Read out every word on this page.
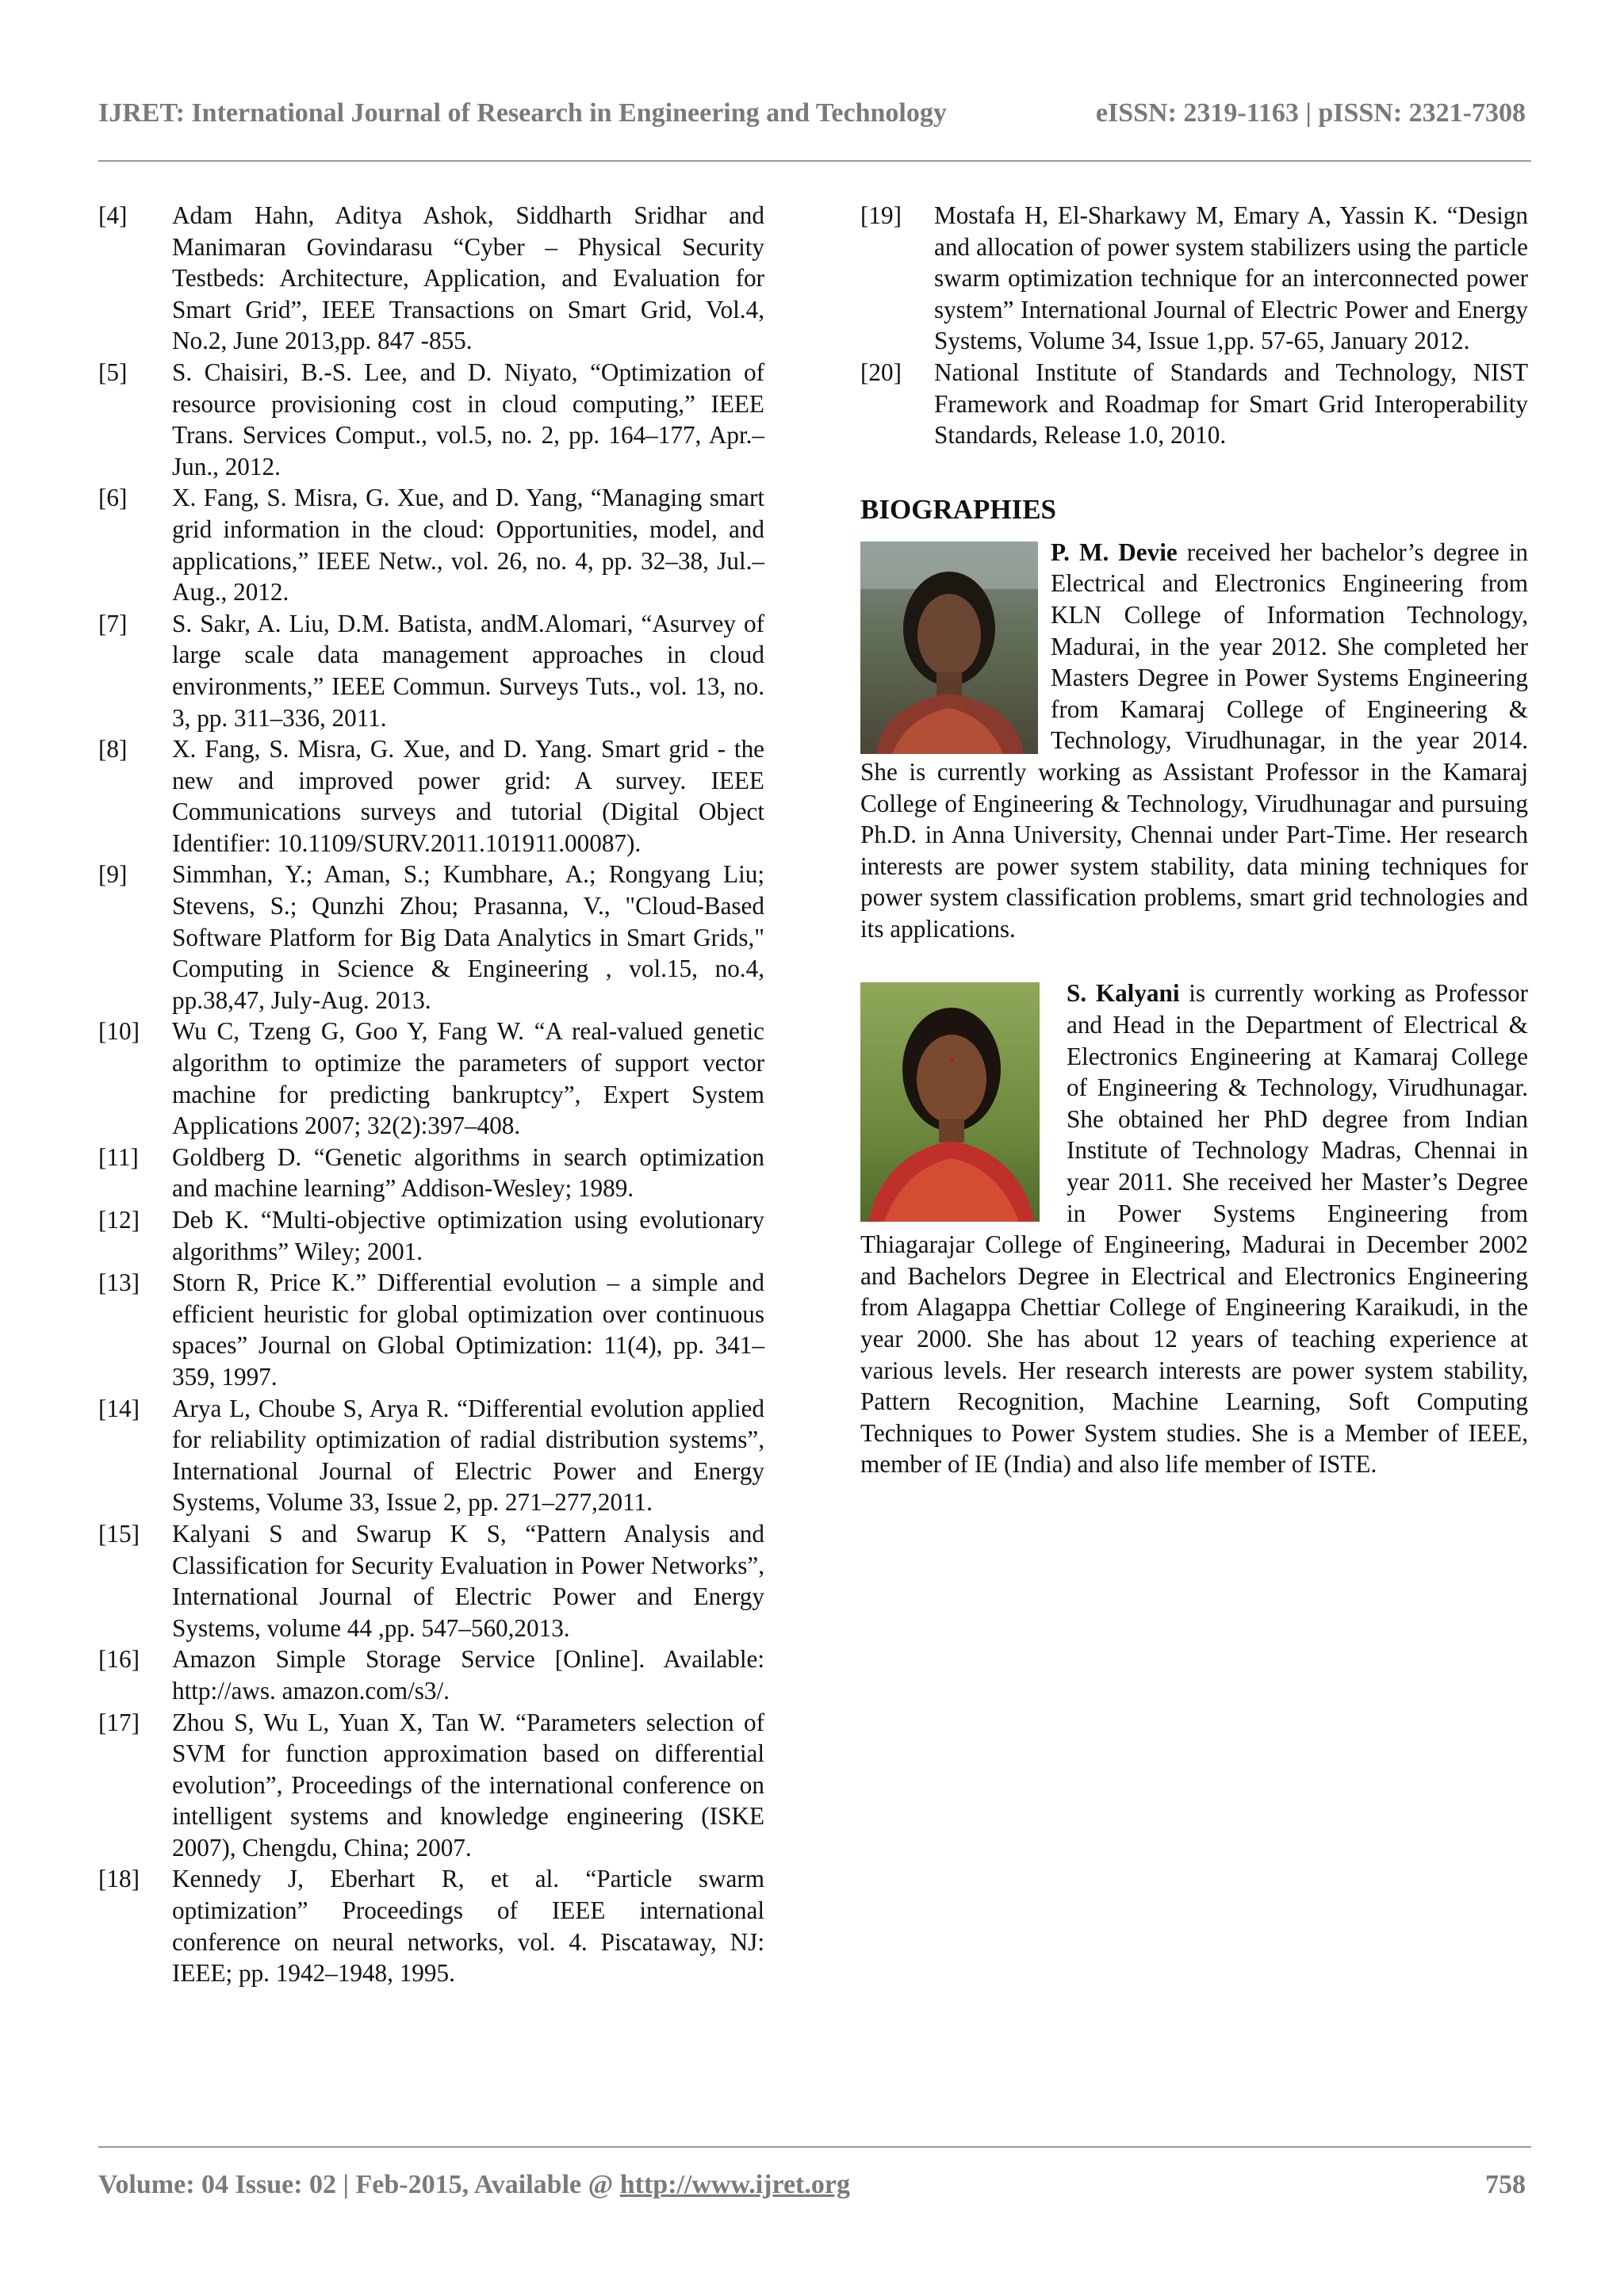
IJRET: International Journal of Research in Engineering and Technology	eISSN: 2319-1163 | pISSN: 2321-7308
[4] Adam Hahn, Aditya Ashok, Siddharth Sridhar and Manimaran Govindarasu “Cyber – Physical Security Testbeds: Architecture, Application, and Evaluation for Smart Grid”, IEEE Transactions on Smart Grid, Vol.4, No.2, June 2013,pp. 847 -855.
[5] S. Chaisiri, B.-S. Lee, and D. Niyato, “Optimization of resource provisioning cost in cloud computing,” IEEE Trans. Services Comput., vol.5, no. 2, pp. 164–177, Apr.–Jun., 2012.
[6] X. Fang, S. Misra, G. Xue, and D. Yang, “Managing smart grid information in the cloud: Opportunities, model, and applications,” IEEE Netw., vol. 26, no. 4, pp. 32–38, Jul.–Aug., 2012.
[7] S. Sakr, A. Liu, D.M. Batista, andM.Alomari, “Asurvey of large scale data management approaches in cloud environments,” IEEE Commun. Surveys Tuts., vol. 13, no. 3, pp. 311–336, 2011.
[8] X. Fang, S. Misra, G. Xue, and D. Yang. Smart grid - the new and improved power grid: A survey. IEEE Communications surveys and tutorial (Digital Object Identifier: 10.1109/SURV.2011.101911.00087).
[9] Simmhan, Y.; Aman, S.; Kumbhare, A.; Rongyang Liu; Stevens, S.; Qunzhi Zhou; Prasanna, V., "Cloud-Based Software Platform for Big Data Analytics in Smart Grids," Computing in Science & Engineering , vol.15, no.4, pp.38,47, July-Aug. 2013.
[10] Wu C, Tzeng G, Goo Y, Fang W. “A real-valued genetic algorithm to optimize the parameters of support vector machine for predicting bankruptcy”, Expert System Applications 2007; 32(2):397–408.
[11] Goldberg D. “Genetic algorithms in search optimization and machine learning” Addison-Wesley; 1989.
[12] Deb K. “Multi-objective optimization using evolutionary algorithms” Wiley; 2001.
[13] Storn R, Price K.” Differential evolution – a simple and efficient heuristic for global optimization over continuous spaces” Journal on Global Optimization: 11(4), pp. 341–359, 1997.
[14] Arya L, Choube S, Arya R. “Differential evolution applied for reliability optimization of radial distribution systems”, International Journal of Electric Power and Energy Systems, Volume 33, Issue 2, pp. 271–277,2011.
[15] Kalyani S and Swarup K S, “Pattern Analysis and Classification for Security Evaluation in Power Networks”, International Journal of Electric Power and Energy Systems, volume 44 ,pp. 547–560,2013.
[16] Amazon Simple Storage Service [Online]. Available: http://aws. amazon.com/s3/.
[17] Zhou S, Wu L, Yuan X, Tan W. “Parameters selection of SVM for function approximation based on differential evolution”, Proceedings of the international conference on intelligent systems and knowledge engineering (ISKE 2007), Chengdu, China; 2007.
[18] Kennedy J, Eberhart R, et al. “Particle swarm optimization” Proceedings of IEEE international conference on neural networks, vol. 4. Piscataway, NJ: IEEE; pp. 1942–1948, 1995.
[19] Mostafa H, El-Sharkawy M, Emary A, Yassin K. “Design and allocation of power system stabilizers using the particle swarm optimization technique for an interconnected power system” International Journal of Electric Power and Energy Systems, Volume 34, Issue 1,pp. 57-65, January 2012.
[20] National Institute of Standards and Technology, NIST Framework and Roadmap for Smart Grid Interoperability Standards, Release 1.0, 2010.
BIOGRAPHIES
P. M. Devie received her bachelor’s degree in Electrical and Electronics Engineering from KLN College of Information Technology, Madurai, in the year 2012. She completed her Masters Degree in Power Systems Engineering from Kamaraj College of Engineering & Technology, Virudhunagar, in the year 2014. She is currently working as Assistant Professor in the Kamaraj College of Engineering & Technology, Virudhunagar and pursuing Ph.D. in Anna University, Chennai under Part-Time. Her research interests are power system stability, data mining techniques for power system classification problems, smart grid technologies and its applications.
S. Kalyani is currently working as Professor and Head in the Department of Electrical & Electronics Engineering at Kamaraj College of Engineering & Technology, Virudhunagar. She obtained her PhD degree from Indian Institute of Technology Madras, Chennai in year 2011. She received her Master’s Degree in Power Systems Engineering from Thiagarajar College of Engineering, Madurai in December 2002 and Bachelors Degree in Electrical and Electronics Engineering from Alagappa Chettiar College of Engineering Karaikudi, in the year 2000. She has about 12 years of teaching experience at various levels. Her research interests are power system stability, Pattern Recognition, Machine Learning, Soft Computing Techniques to Power System studies. She is a Member of IEEE, member of IE (India) and also life member of ISTE.
Volume: 04 Issue: 02 | Feb-2015, Available @ http://www.ijret.org	758
